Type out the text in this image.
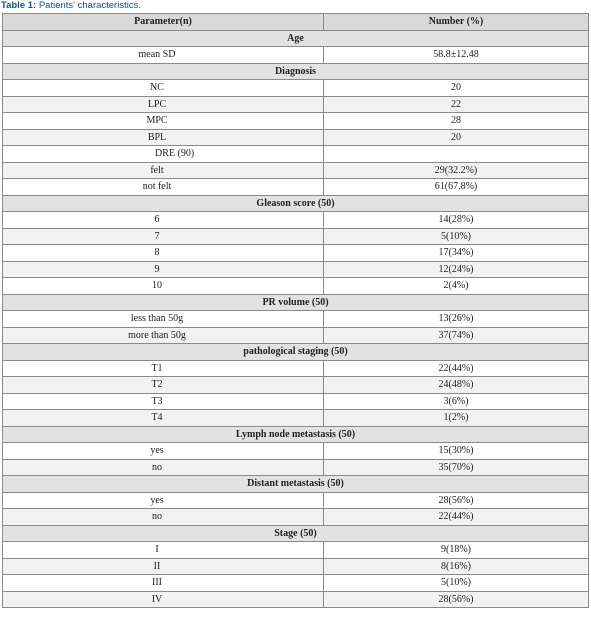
Table 1: Patients' characteristics.
Parameter(n)	Number (%)
Age	
mean SD	58.8±12.48
Diagnosis	
NC	20
LPC	22
MPC	28
BPL	20
DRE (90)	
felt	29(32.2%)
not felt	61(67.8%)
Gleason score (50)	
6	14(28%)
7	5(10%)
8	17(34%)
9	12(24%)
10	2(4%)
PR volume (50)	
less than 50g	13(26%)
more than 50g	37(74%)
pathological staging (50)	
T1	22(44%)
T2	24(48%)
T3	3(6%)
T4	1(2%)
Lymph node metastasis (50)	
yes	15(30%)
no	35(70%)
Distant metastasis (50)	
yes	28(56%)
no	22(44%)
Stage (50)	
I	9(18%)
II	8(16%)
III	5(10%)
IV	28(56%)
